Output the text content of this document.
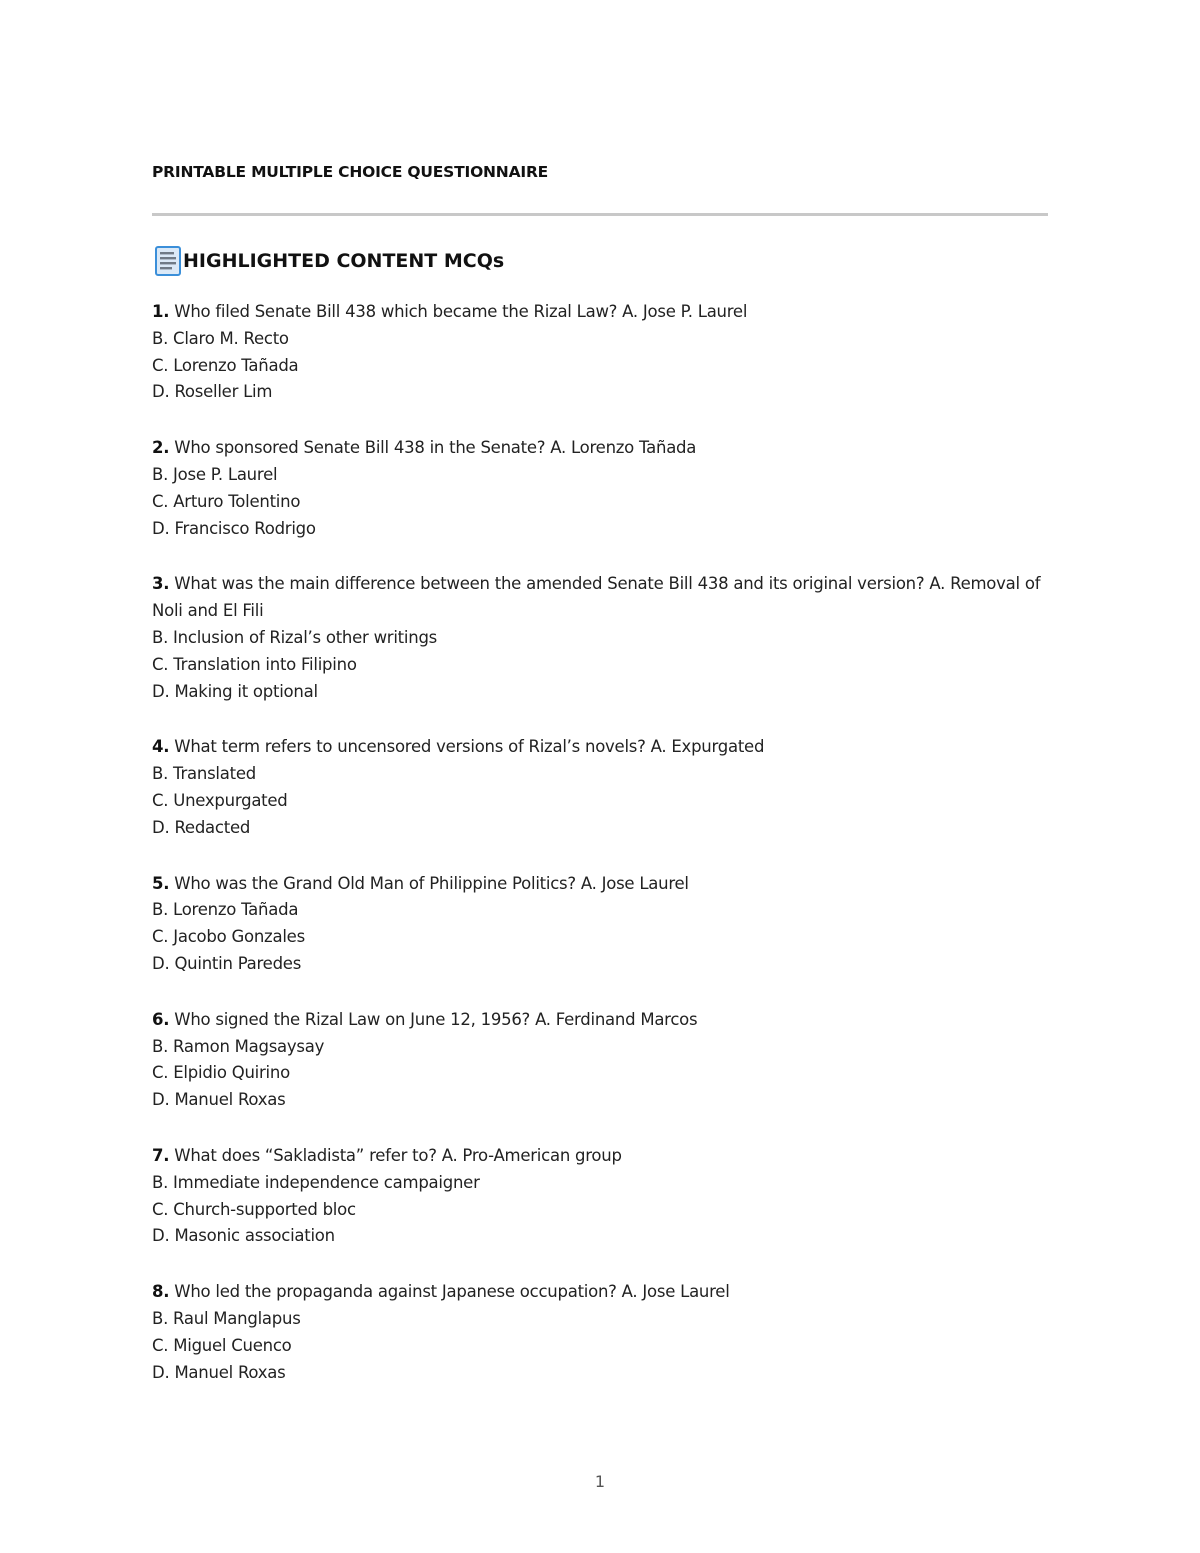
PRINTABLE MULTIPLE CHOICE QUESTIONNAIRE
HIGHLIGHTED CONTENT MCQs
1. Who filed Senate Bill 438 which became the Rizal Law? A. Jose P. Laurel
B. Claro M. Recto
C. Lorenzo Tañada
D. Roseller Lim
2. Who sponsored Senate Bill 438 in the Senate? A. Lorenzo Tañada
B. Jose P. Laurel
C. Arturo Tolentino
D. Francisco Rodrigo
3. What was the main difference between the amended Senate Bill 438 and its original version? A. Removal of Noli and El Fili
B. Inclusion of Rizal’s other writings
C. Translation into Filipino
D. Making it optional
4. What term refers to uncensored versions of Rizal’s novels? A. Expurgated
B. Translated
C. Unexpurgated
D. Redacted
5. Who was the Grand Old Man of Philippine Politics? A. Jose Laurel
B. Lorenzo Tañada
C. Jacobo Gonzales
D. Quintin Paredes
6. Who signed the Rizal Law on June 12, 1956? A. Ferdinand Marcos
B. Ramon Magsaysay
C. Elpidio Quirino
D. Manuel Roxas
7. What does “Sakladista” refer to? A. Pro-American group
B. Immediate independence campaigner
C. Church-supported bloc
D. Masonic association
8. Who led the propaganda against Japanese occupation? A. Jose Laurel
B. Raul Manglapus
C. Miguel Cuenco
D. Manuel Roxas
1
